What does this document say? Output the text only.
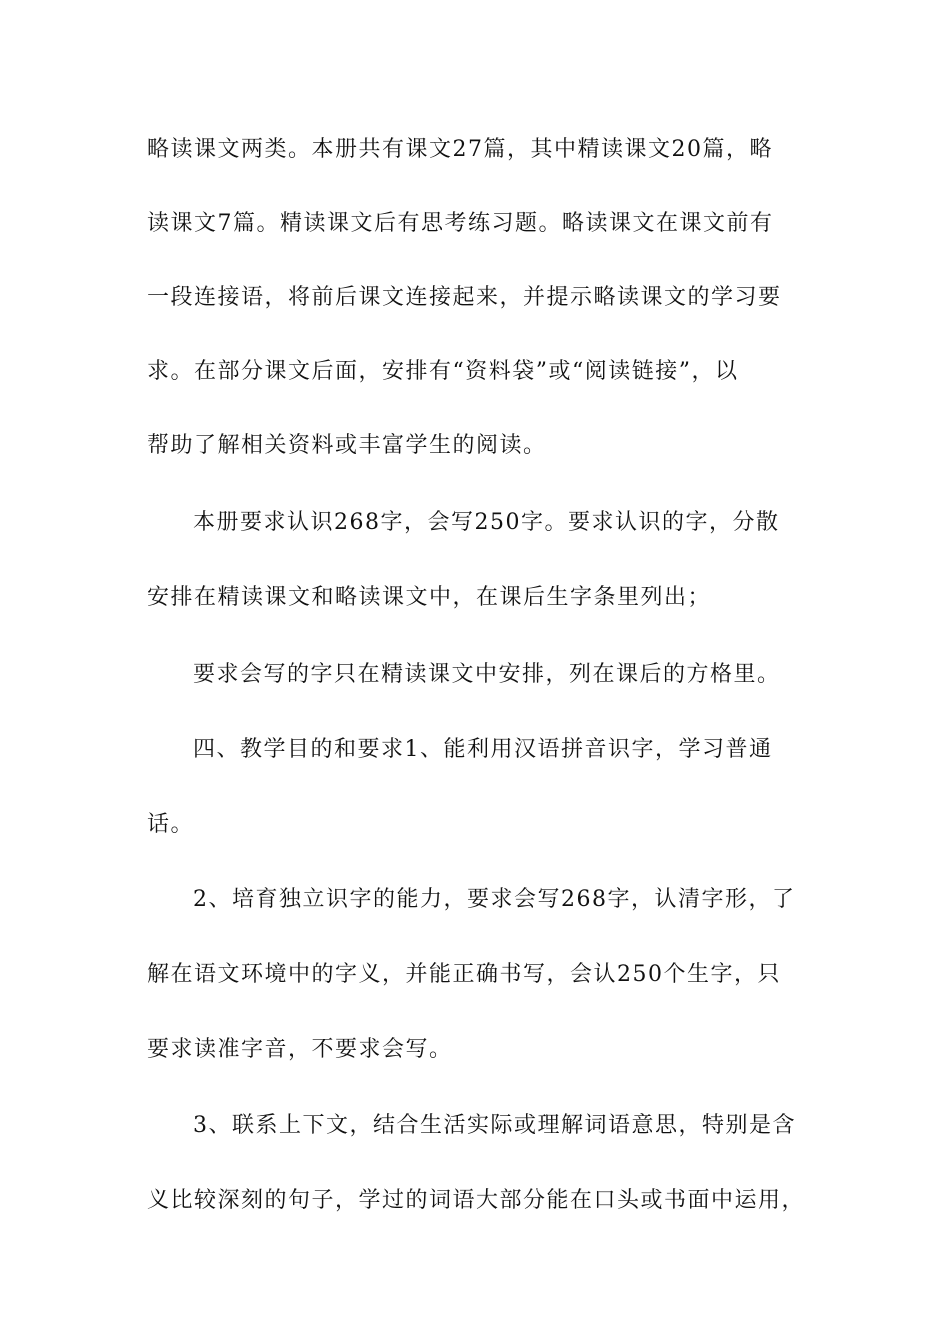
略读课文两类。本册共有课文27篇，其中精读课文20篇，略
读课文7篇。精读课文后有思考练习题。略读课文在课文前有
一段连接语，将前后课文连接起来，并提示略读课文的学习要
求。在部分课文后面，安排有“资料袋”或“阅读链接”，以
帮助了解相关资料或丰富学生的阅读。
本册要求认识268字，会写250字。要求认识的字，分散
安排在精读课文和略读课文中，在课后生字条里列出；
要求会写的字只在精读课文中安排，列在课后的方格里。
四、教学目的和要求1、能利用汉语拼音识字，学习普通
话。
2、培育独立识字的能力，要求会写268字，认清字形，了
解在语文环境中的字义，并能正确书写，会认250个生字，只
要求读准字音，不要求会写。
3、联系上下文，结合生活实际或理解词语意思，特别是含
义比较深刻的句子，学过的词语大部分能在口头或书面中运用，
